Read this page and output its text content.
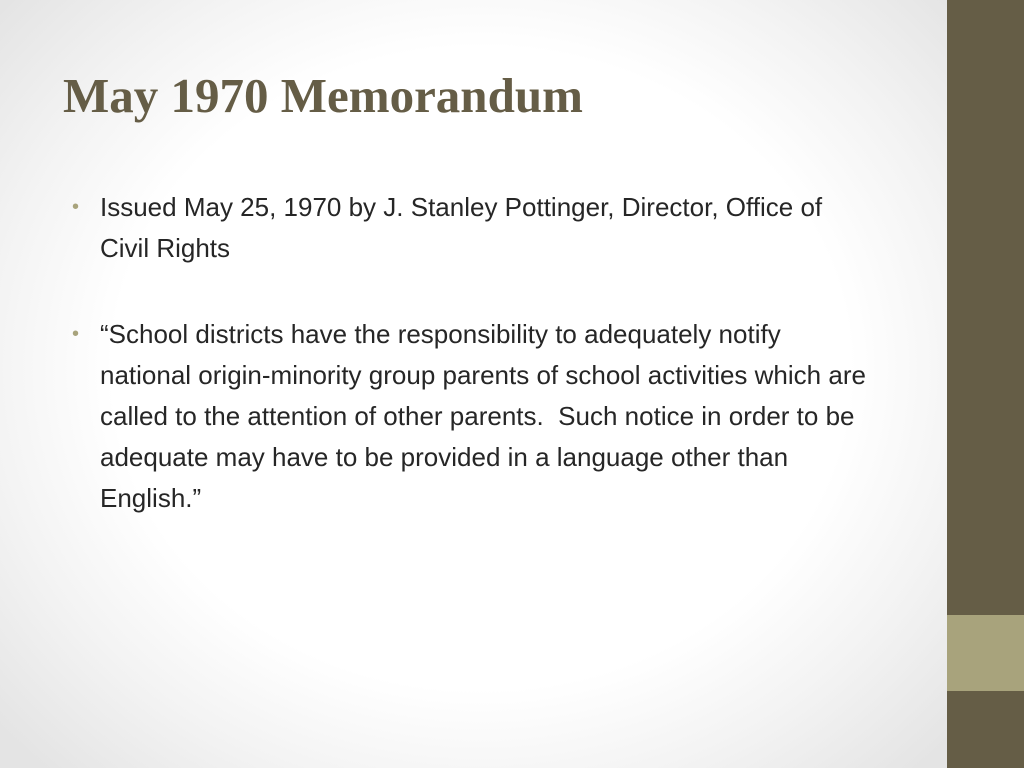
May 1970 Memorandum
• Issued May 25, 1970 by J. Stanley Pottinger, Director, Office of Civil Rights
• “School districts have the responsibility to adequately notify national origin-minority group parents of school activities which are called to the attention of other parents.  Such notice in order to be adequate may have to be provided in a language other than English.”
